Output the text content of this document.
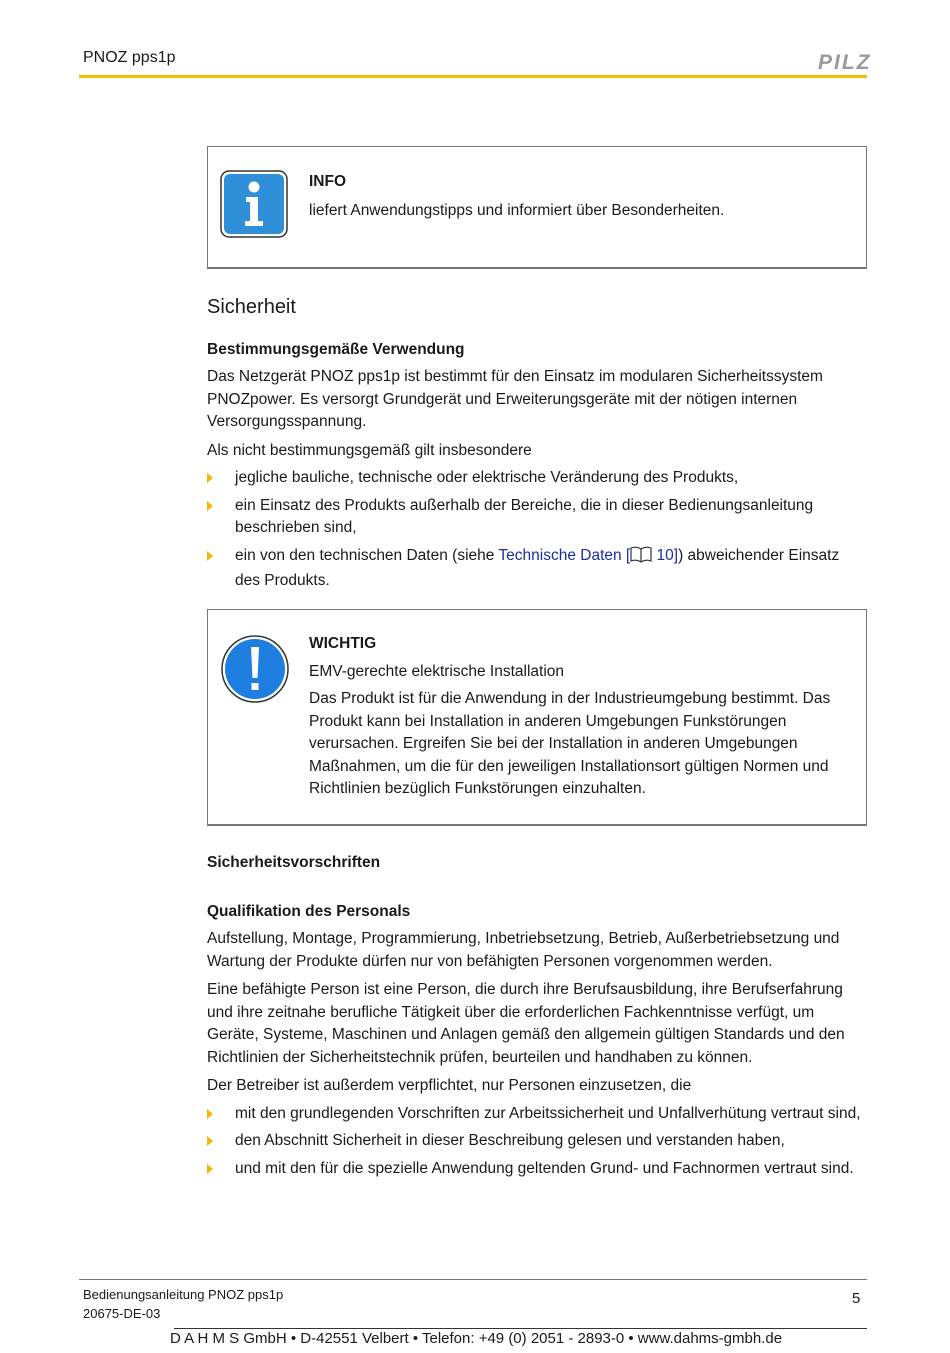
PNOZ pps1p	PILZ
INFO
liefert Anwendungstipps und informiert über Besonderheiten.
Sicherheit
Bestimmungsgemäße Verwendung

Das Netzgerät PNOZ pps1p ist bestimmt für den Einsatz im modularen Sicherheitssystem PNOZpower. Es versorgt Grundgerät und Erweiterungsgeräte mit der nötigen internen Versorgungsspannung.

Als nicht bestimmungsgemäß gilt insbesondere

jegliche bauliche, technische oder elektrische Veränderung des Produkts,
ein Einsatz des Produkts außerhalb der Bereiche, die in dieser Bedienungsanleitung beschrieben sind,
ein von den technischen Daten (siehe Technische Daten [ 10]) abweichender Einsatz des Produkts.
WICHTIG
EMV-gerechte elektrische Installation
Das Produkt ist für die Anwendung in der Industrieumgebung bestimmt. Das Produkt kann bei Installation in anderen Umgebungen Funkstörungen verursachen. Ergreifen Sie bei der Installation in anderen Umgebungen Maßnahmen, um die für den jeweiligen Installationsort gültigen Normen und Richtlinien bezüglich Funkstörungen einzuhalten.
Sicherheitsvorschriften
Qualifikation des Personals

Aufstellung, Montage, Programmierung, Inbetriebsetzung, Betrieb, Außerbetriebsetzung und Wartung der Produkte dürfen nur von befähigten Personen vorgenommen werden.

Eine befähigte Person ist eine Person, die durch ihre Berufsausbildung, ihre Berufserfahrung und ihre zeitnahe berufliche Tätigkeit über die erforderlichen Fachkenntnisse verfügt, um Geräte, Systeme, Maschinen und Anlagen gemäß den allgemein gültigen Standards und den Richtlinien der Sicherheitstechnik prüfen, beurteilen und handhaben zu können.

Der Betreiber ist außerdem verpflichtet, nur Personen einzusetzen, die

mit den grundlegenden Vorschriften zur Arbeitssicherheit und Unfallverhütung vertraut sind,
den Abschnitt Sicherheit in dieser Beschreibung gelesen und verstanden haben,
und mit den für die spezielle Anwendung geltenden Grund- und Fachnormen vertraut sind.
Bedienungsanleitung PNOZ pps1p
20675-DE-03
5
D A H M S GmbH • D-42551 Velbert • Telefon: +49 (0) 2051 - 2893-0 • www.dahms-gmbh.de
